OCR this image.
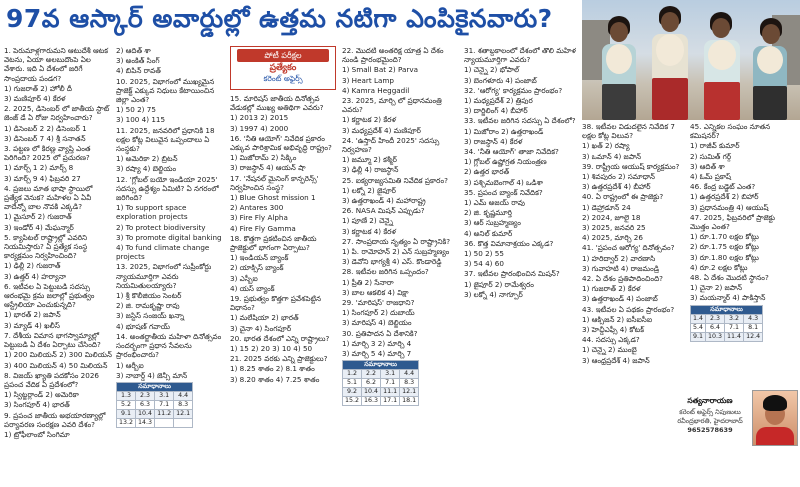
97వ ఆస్కార్ అవార్డుల్లో ఉత్తమ నటిగా ఎంపికైనవారు?

1. పెరుమాళ్లగారుమని ఆటుదేశీ ఆటక వెటను, ఏయా అలబుదొంపె ఏల వేశారు. ఇది ఏ దేశంలో జరిగే సాంప్రదాయ పండగ?

1) గుజరాత్ 2) హోలీ దీ

3) మణిపూర్ 4) కేరళ

2. 2025, డిసెంబర్ లో జాతీయ స్టాట్ జెంజ్ డే ఏ రోజు నిర్వహించారు?

1) డిసెంబర్ 2 2) డిసెంబర్ 1

3) డిసెంబర్ 7 4) శ్రీ సనాతన్

3. పట్టణ లో కిరణ్ల వ్యాప్తి ఎంత పెరిగింది? 2025 లో ప్రచురణ?

1) మార్చ్ 1 2) మార్చ్ 8

3) మార్చ్ 9 4) ఫిబ్రవరి 27

4. ప్రజలు మాత భాషా స్థాయిలో ప్రత్యేక వెనుక? మహిళల ఏ ఏవీ వాదేన్నో బాల నొవకి ఎక్కడి?

1) మైసూర్ 2) గుజరాత్

3) ఇండోర్ 4) మేఘన్మార్

5. క్యాపిటల్ రాష్ట్రాల్లో ఎవరిని నియమిస్తారు? ఏ ప్రత్యేక సంస్థ కార్యక్రమం నిర్వహించింది?

1) ఢిల్లీ 2) గుజరాత్

3) ఉత్తర్ 4) హర్యానా

6. ఇటీవల ఏ పెట్టుబడి సదస్సు ఆరంభమై క్రమ జలాల్లో ప్రభుత్వం ఆస్ట్రేలియా ఎంచుకున్నది?

1) భారత్ 2) జపాన్

3) మ్యాడ్ 4) ఖలీస్

7. దేశీయ విమాన భాగస్వామ్యాల్లో పెట్టుబడి ఏ దేశం ఏర్పాటు చేసింది?

1) 200 మిలియన్ 2) 300 మిలియన్

3) 400 మిలియన్ 4) 50 మిలియన్

8. విజయ్ ఖ్యాతి పదకోసం 2026 ప్రపంచ వేదిక ఏ ప్రదేశంలో?

1) స్విట్జర్లాండ్ 2) అమెరికా

3) సింగపూర్ 4) భారత్

9. ప్రపంచ జాతీయ అభయారణ్యాల్లో పర్యావరణ సంరక్షణ ఎవరి దేశం?

1) ట్రోఫీలాంబో సింగిమా

2) ఆదిత్ శా

3) అంకిత్ సింగ్

4) బిపిన్ రావత్

10. 2025, విభాగంలో ముఖ్యమైన ప్రాజెక్ట్ ఎక్కువ నిధులు కేటాయించిన జిల్లా ఎంత?

1) 50 2) 75

3) 100 4) 115

11. 2025, జనవరిలో ప్రధానికి 18 లక్షల కోట్ల విలువైన ఒప్పందాలు ఏ సంస్థకు?

1) అమెరికా 2) బ్రిటన్

3) రష్యా 4) బెల్జియం

12. 'గ్లోబల్ బయో ఇండియా 2025' సదస్సు ఉద్దేశ్యం ఏమిటి? ఏ నగరంలో జరిగింది?

1) To support space exploration projects

2) To protect biodiversity

3) To promote digital banking

4) To fund climate change projects

13. 2025, విభాగంలో సుప్రీంకోర్టు న్యాయమూర్తిగా ఎవరు నియమితులయ్యారు?

1) శ్రీ కొలీజియం సెంటర్

2) జి. రామకృష్ణా రావు

3) జస్టిస్ సంజయ్ ఖన్నా

4) భూషణ్ గవాయ్

14. అంతర్జాతీయ మహిళా దినోత్సవం సందర్భంగా ప్రధాన సేవలను ప్రారంభించారు?

1) ఆర్బీఐ

3) నాబార్డ్ 4) జెన్సీ మాన్

సమాధానాలు			
1.3	2.3	3.1	4.4
5.2	6.3	7.1	8.3
9.1	10.4	11.2	12.1
13.2	14.3		
పోటీ పరీక్షల
ప్రత్యేకం
కరెంట్ అఫైర్స్

15. మారిషస్ జాతీయ దినోత్సవ వేడుకల్లో ముఖ్య అతిథిగా ఎవరు?

1) 2013 2) 2015

3) 1997 4) 2000

16. 'నీతి ఆయోగ్' నివేదిక ప్రకారం ఎక్కువ పారిశ్రామిక అభివృద్ధి రాష్ట్రం?

1) మిజోరామ్ 2) సిక్కిం

3) రాజస్థాన్ 4) ఆయన్ షా

17. 'నేషనల్ మైనింగ్ కాన్ఫరెన్స్' నిర్వహించిన సంస్థ?

1) Blue Ghost mission 1

2) Antares 300

3) Fire Fly Alpha

4) Fire Fly Gamma

18. కొత్తగా ప్రకటించిన జాతీయ ప్రాజెక్టులో భాగంగా ఏర్పాటు?

1) ఇండియన్ బ్యాంక్

2) యాక్సిస్ బ్యాంక్

3) ఎస్బీఐ

4) యస్ బ్యాంక్

19. ప్రభుత్వం కొత్తగా ప్రవేశపెట్టిన విధానం?

1) మలేషియా 2) భారత్

3) చైనా 4) సింగపూర్

20. భారత దేశంలో ఎన్ని రాష్ట్రాలు?

1) 15 2) 20 3) 10 4) 50

21. 2025 వరకు ఎన్ని ప్రాజెక్టులు?

1) 8.25 శాతం 2) 8.1 శాతం

3) 8.20 శాతం 4) 7.25 శాతం

22. మొదటి అంతరిక్ష యాత్ర ఏ దేశం నుండి ప్రారంభమైంది?

1) Small Bat 2) Parva

3) Heart Lamp

4) Kamra Heggadil

23. 2025, మార్చి లో ప్రధానమంత్రి ఎవరు?

1) కర్ణాటక 2) కేరళ

3) మధ్యప్రదేశ్ 4) మణిపూర్

24. 'ఉస్తాద్ హిందీ 2025' సదస్సు నిర్వహణ?

1) జమ్మూ 2) కశ్మీర్

3) ఢిల్లీ 4) రాజస్థాన్

25. ఐక్యరాజ్యసమితి నివేదిక ప్రకారం?

1) లక్నో 2) జైపూర్

3) ఉత్తరాఖండ్ 4) మహారాష్ట్ర

26. NASA మిషన్ ఎప్పుడు?

1) పూణే 2) చెన్నై

3) కర్ణాటక 4) కేరళ

27. సాంప్రదాయ నృత్యం ఏ రాష్ట్రానికి?

1) పి. రామోహన్ 2) ఎన్ సుబ్రహ్మణ్యం

3) డెవోని భాగ్యశ్రీ 4) ఎస్. కొండారెడ్డి

28. ఇటీవల జరిగిన ఒప్పందం?

1) ప్రీతి 2) సేనారా

3) బాల ఆకలిక 4) విక్షా

29. 'మారిషస్' రాజధాని?

1) సింగపూర్ 2) దుబాయ్

3) మారిషస్ 4) బెల్జియం

30. ప్రతిపాదన ఏ దేశానికి?

1) మార్చి 3 2) మార్చి 4

3) మార్చి 5 4) మార్చి 7

సమాధానాలు			
1.2	2.2	3.1	4.4
5.1	6.2	7.1	8.3
9.2	10.4	11.1	12.1
15.2	16.3	17.1	18.1

31. శతాబ్దకాలంలో దేశంలో తొలి మహిళ న్యాయమూర్తిగా ఎవరు?

1) చెన్నై 2) భోపాల్

3) బెంగళూరు 4) పంజాబ్

32. 'ఆరోగ్య' కార్యక్రమం ప్రారంభం?

1) మధ్యప్రదేశ్ 2) త్రిపుర

3) దార్జిలింగ్ 4) బీహార్

33. ఇటీవల జరిగిన సదస్సు ఏ దేశంలో?

1) మిజోరాం 2) ఉత్తరాఖండ్

3) రాజస్థాన్ 4) కేరళ

34. 'నీతి ఆయోగ్' తాజా నివేదిక?

1) గ్లోబల్ ఉష్ణోగ్రత నియంత్రణ

2) ఉత్తర భారత్

3) పశ్చిమబెంగాల్ 4) ఒడిశా

35. ప్రపంచ బ్యాంక్ నివేదిక?

1) ఎమ్ అజయ్ రావు

2) జి. కృష్ణమూర్తి

3) ఆర్ సుబ్రహ్మణ్యం

4) అనిల్ కుమార్

36. కొత్త విమానాశ్రయం ఎక్కడ?

1) 50 2) 55

3) 54 4) 60

37. ఇటీవల ప్రారంభించిన మిషన్?

1) జైపూర్ 2) రామేశ్వరం

3) లక్నో 4) నాగ్పూర్

38. ఇటీవల విడుదలైన నివేదిక 7 లక్షల కోట్ల విలువ?

1) ఖత్ 2) రష్యా

3) ఒమాన్ 4) జపాన్

39. రాష్ట్రీయ ఆయుష్ కార్యక్రమం?

1) శివపురం 2) సమాధాన్

3) ఉత్తరప్రదేశ్ 4) బీహార్

40. ఏ రాష్ట్రంలో ఈ ప్రాజెక్టు?

1) డెహ్రాడూన్ 24

2) 2024, జూలై 18

3) 2025, జనవరి 25

4) 2025, మార్చి 26

41. 'ప్రపంచ ఆరోగ్య' దినోత్సవం?

1) హరిద్వార్ 2) వారణాసి

3) గువాహటి 4) రాజమండ్రి

42. ఏ దేశం ప్రతిపాదించింది?

1) గుజరాత్ 2) కేరళ

3) ఉత్తరాఖండ్ 4) పంజాబ్

43. ఇటీవల ఏ పథకం ప్రారంభం?

1) ఆక్సిజన్ 2) ఐసీఐసీఐ

3) హెచ్డీఎఫ్సీ 4) కోటక్

44. సదస్సు ఎక్కడ?

1) చెన్నై 2) ముంబై

3) ఆంధ్రప్రదేశ్ 4) జపాన్

45. ఎన్నికల సంఘం నూతన కమిషనర్?

1) రాజీవ్ కుమార్

2) సుమిత్ గర్గ్

3) ఆదిత్ శా

4) ఓమ్ ప్రకాష్

46. కేంద్ర బడ్జెట్ ఎంత?

1) ఉత్తరప్రదేశ్ 2) బిహార్

3) ప్రధానమంత్రి 4) ఆయుష్

47. 2025, ఫిబ్రవరిలో ప్రాజెక్టు మొత్తం ఎంత?

1) రూ.1.70 లక్షల కోట్లు

2) రూ.1.75 లక్షల కోట్లు

3) రూ.1.80 లక్షల కోట్లు

4) రూ.2 లక్షల కోట్లు

48. ఏ దేశం మొదటి స్థానం?

1) చైనా 2) జపాన్

3) మయన్మార్ 4) పాకిస్తాన్

సమాధానాలు			
1.4	2.3	3.2	4.3
5.4	6.4	7.1	8.1
9.1	10.3	11.4	12.4
సత్యనారాయణ
కరెంట్ అఫైర్స్ నిపుణులు
రవీంద్రభారతి, హైదరాబాద్
9652578639
